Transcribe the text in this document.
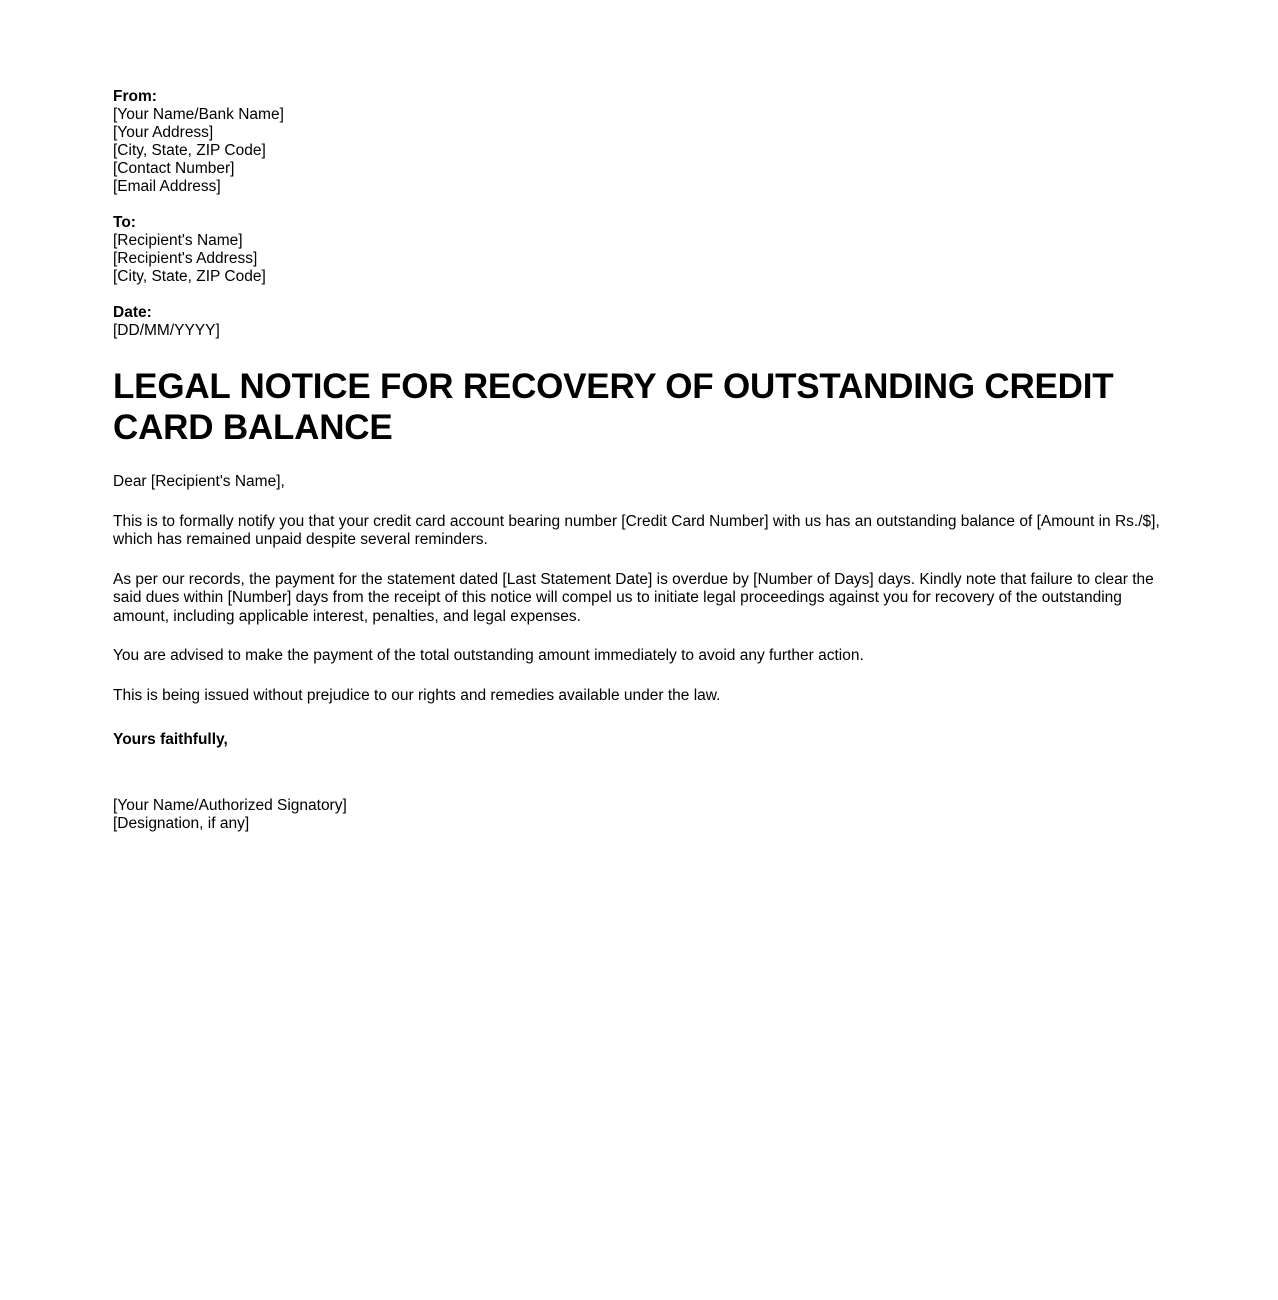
From:
[Your Name/Bank Name]
[Your Address]
[City, State, ZIP Code]
[Contact Number]
[Email Address]
To:
[Recipient's Name]
[Recipient's Address]
[City, State, ZIP Code]
Date:
[DD/MM/YYYY]
LEGAL NOTICE FOR RECOVERY OF OUTSTANDING CREDIT CARD BALANCE

Dear [Recipient's Name],

This is to formally notify you that your credit card account bearing number [Credit Card Number] with us has an outstanding balance of [Amount in Rs./$], which has remained unpaid despite several reminders.

As per our records, the payment for the statement dated [Last Statement Date] is overdue by [Number of Days] days. Kindly note that failure to clear the said dues within [Number] days from the receipt of this notice will compel us to initiate legal proceedings against you for recovery of the outstanding amount, including applicable interest, penalties, and legal expenses.

You are advised to make the payment of the total outstanding amount immediately to avoid any further action.

This is being issued without prejudice to our rights and remedies available under the law.

Yours faithfully,

[Your Name/Authorized Signatory]
[Designation, if any]
